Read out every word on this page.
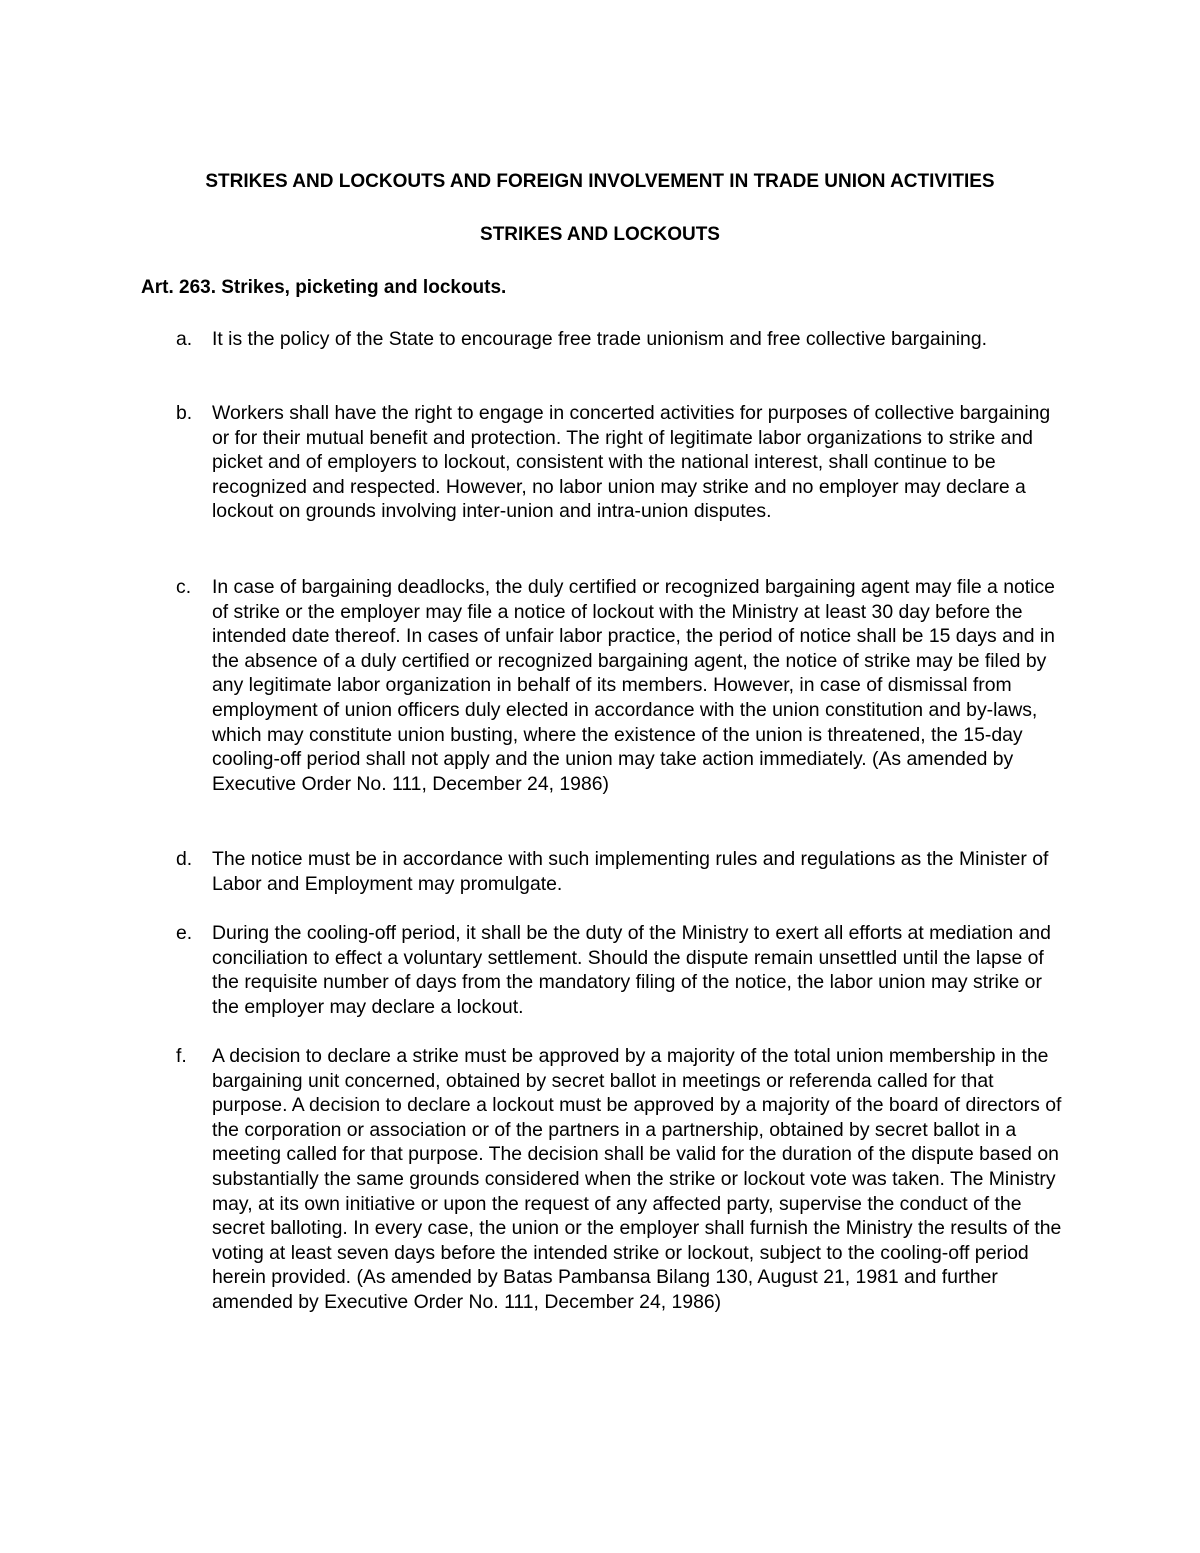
STRIKES AND LOCKOUTS AND FOREIGN INVOLVEMENT IN TRADE UNION ACTIVITIES
STRIKES AND LOCKOUTS
Art. 263. Strikes, picketing and lockouts.
a. It is the policy of the State to encourage free trade unionism and free collective bargaining.
b. Workers shall have the right to engage in concerted activities for purposes of collective bargaining or for their mutual benefit and protection. The right of legitimate labor organizations to strike and picket and of employers to lockout, consistent with the national interest, shall continue to be recognized and respected. However, no labor union may strike and no employer may declare a lockout on grounds involving inter-union and intra-union disputes.
c. In case of bargaining deadlocks, the duly certified or recognized bargaining agent may file a notice of strike or the employer may file a notice of lockout with the Ministry at least 30 day before the intended date thereof. In cases of unfair labor practice, the period of notice shall be 15 days and in the absence of a duly certified or recognized bargaining agent, the notice of strike may be filed by any legitimate labor organization in behalf of its members. However, in case of dismissal from employment of union officers duly elected in accordance with the union constitution and by-laws, which may constitute union busting, where the existence of the union is threatened, the 15-day cooling-off period shall not apply and the union may take action immediately. (As amended by Executive Order No. 111, December 24, 1986)
d. The notice must be in accordance with such implementing rules and regulations as the Minister of Labor and Employment may promulgate.
e. During the cooling-off period, it shall be the duty of the Ministry to exert all efforts at mediation and conciliation to effect a voluntary settlement. Should the dispute remain unsettled until the lapse of the requisite number of days from the mandatory filing of the notice, the labor union may strike or the employer may declare a lockout.
f. A decision to declare a strike must be approved by a majority of the total union membership in the bargaining unit concerned, obtained by secret ballot in meetings or referenda called for that purpose. A decision to declare a lockout must be approved by a majority of the board of directors of the corporation or association or of the partners in a partnership, obtained by secret ballot in a meeting called for that purpose. The decision shall be valid for the duration of the dispute based on substantially the same grounds considered when the strike or lockout vote was taken. The Ministry may, at its own initiative or upon the request of any affected party, supervise the conduct of the secret balloting. In every case, the union or the employer shall furnish the Ministry the results of the voting at least seven days before the intended strike or lockout, subject to the cooling-off period herein provided. (As amended by Batas Pambansa Bilang 130, August 21, 1981 and further amended by Executive Order No. 111, December 24, 1986)
